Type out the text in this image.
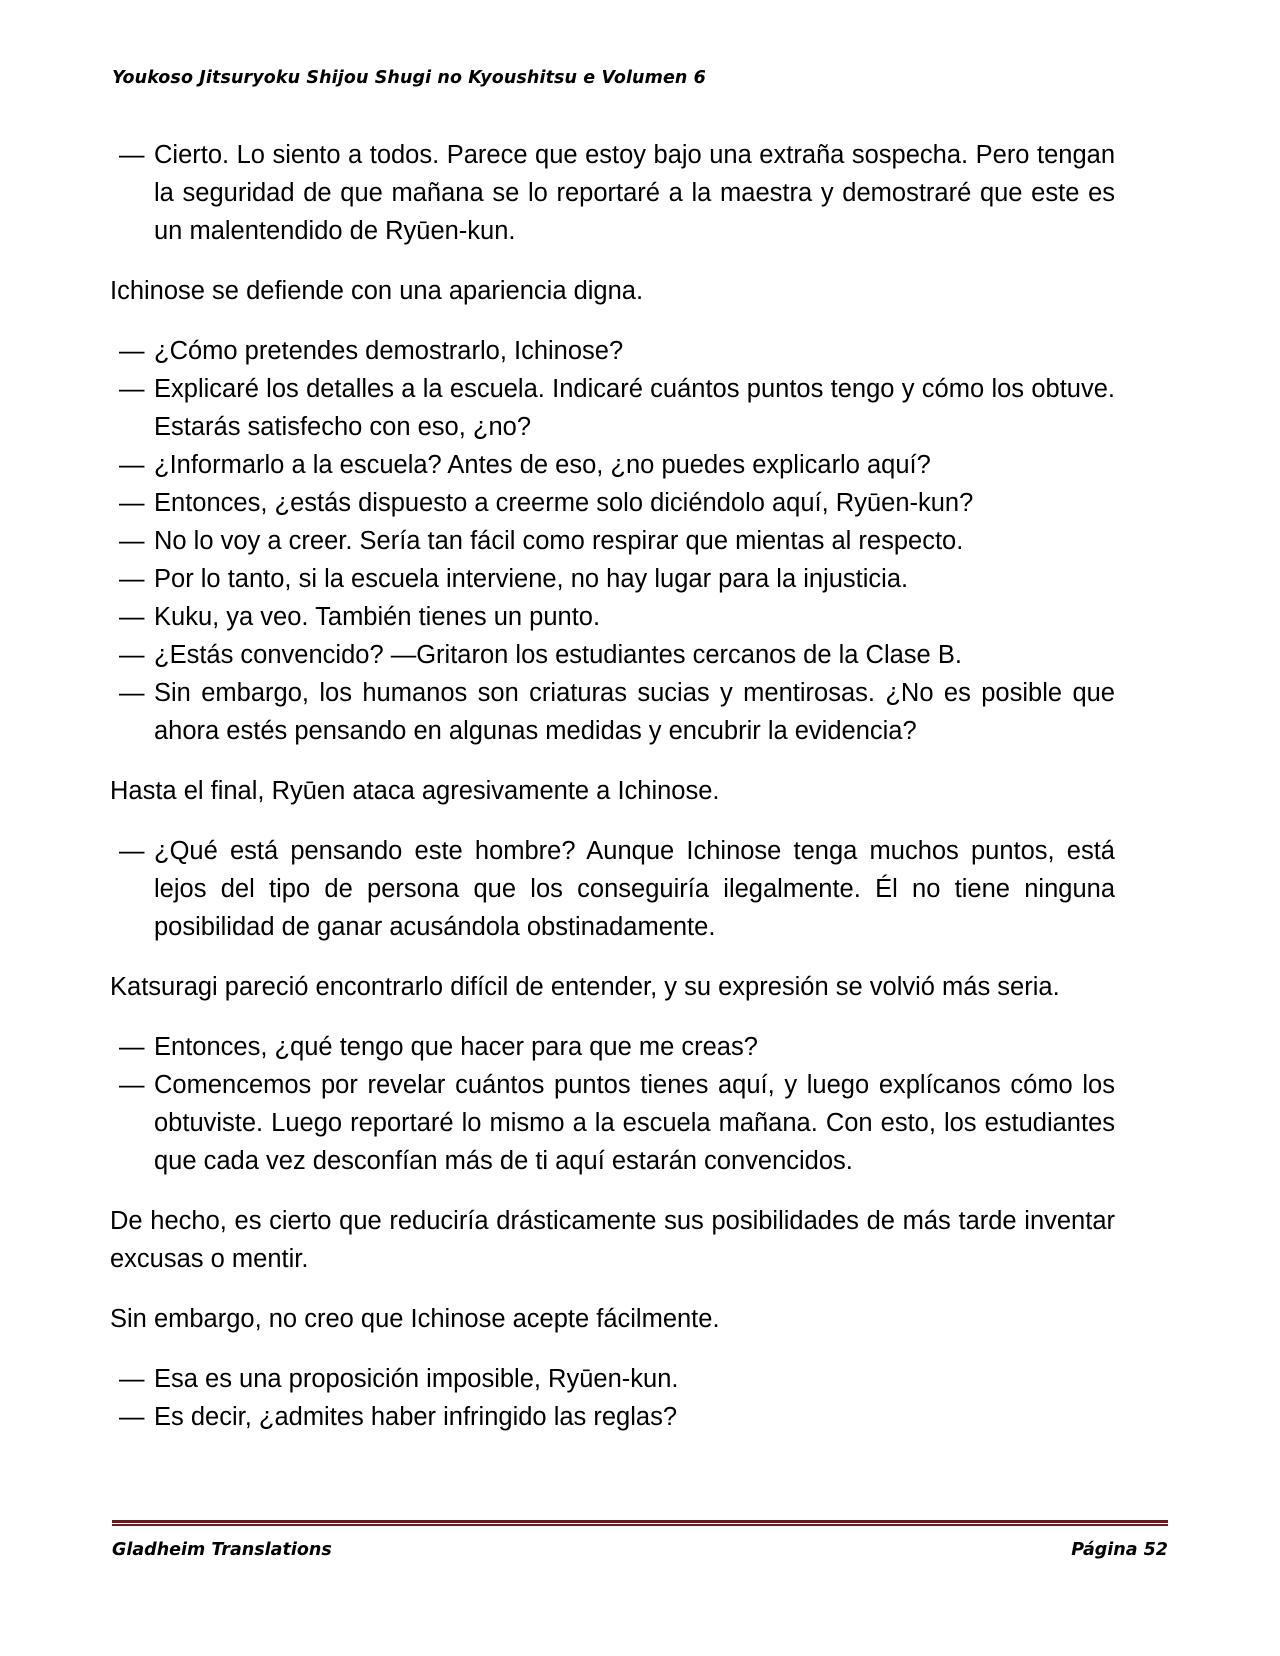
Youkoso Jitsuryoku Shijou Shugi no Kyoushitsu e Volumen 6
— Cierto. Lo siento a todos. Parece que estoy bajo una extraña sospecha. Pero tengan la seguridad de que mañana se lo reportaré a la maestra y demostraré que este es un malentendido de Ryūen-kun.

Ichinose se defiende con una apariencia digna.

— ¿Cómo pretendes demostrarlo, Ichinose?
— Explicaré los detalles a la escuela. Indicaré cuántos puntos tengo y cómo los obtuve. Estarás satisfecho con eso, ¿no?
— ¿Informarlo a la escuela? Antes de eso, ¿no puedes explicarlo aquí?
— Entonces, ¿estás dispuesto a creerme solo diciéndolo aquí, Ryūen-kun?
— No lo voy a creer. Sería tan fácil como respirar que mientas al respecto.
— Por lo tanto, si la escuela interviene, no hay lugar para la injusticia.
— Kuku, ya veo. También tienes un punto.
— ¿Estás convencido? —Gritaron los estudiantes cercanos de la Clase B.
— Sin embargo, los humanos son criaturas sucias y mentirosas. ¿No es posible que ahora estés pensando en algunas medidas y encubrir la evidencia?

Hasta el final, Ryūen ataca agresivamente a Ichinose.

— ¿Qué está pensando este hombre? Aunque Ichinose tenga muchos puntos, está lejos del tipo de persona que los conseguiría ilegalmente. Él no tiene ninguna posibilidad de ganar acusándola obstinadamente.

Katsuragi pareció encontrarlo difícil de entender, y su expresión se volvió más seria.

— Entonces, ¿qué tengo que hacer para que me creas?
— Comencemos por revelar cuántos puntos tienes aquí, y luego explícanos cómo los obtuviste. Luego reportaré lo mismo a la escuela mañana. Con esto, los estudiantes que cada vez desconfían más de ti aquí estarán convencidos.

De hecho, es cierto que reduciría drásticamente sus posibilidades de más tarde inventar excusas o mentir.

Sin embargo, no creo que Ichinose acepte fácilmente.

— Esa es una proposición imposible, Ryūen-kun.
— Es decir, ¿admites haber infringido las reglas?
Gladheim Translations	Página 52
